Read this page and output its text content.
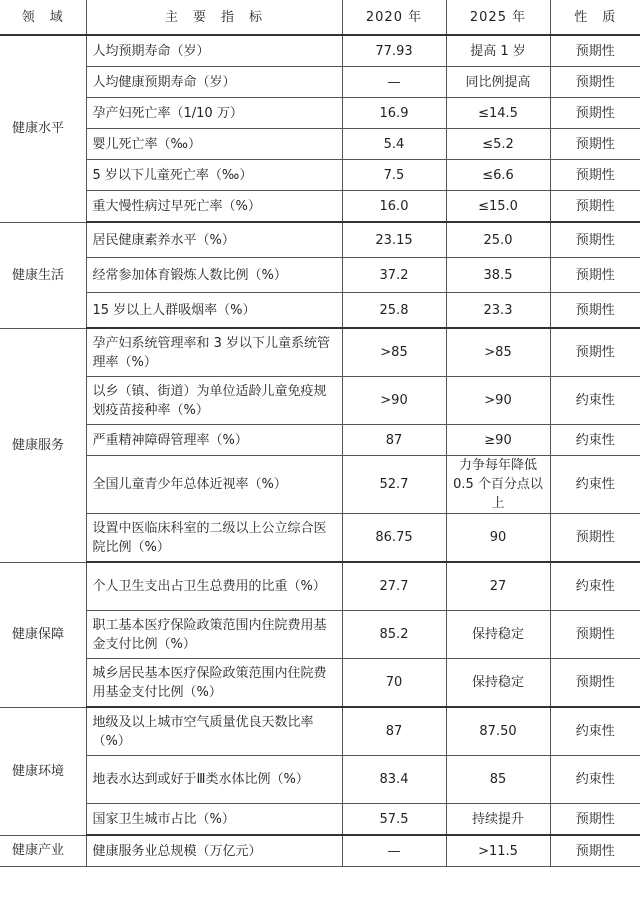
领　域	主　要　指　标	2020 年	2025 年	性　质
健康水平	人均预期寿命（岁）	77.93	提高 1 岁	预期性
	人均健康预期寿命（岁）	—	同比例提高	预期性
	孕产妇死亡率（1/10 万）	16.9	≤14.5	预期性
	婴儿死亡率（‰）	5.4	≤5.2	预期性
	5 岁以下儿童死亡率（‰）	7.5	≤6.6	预期性
	重大慢性病过早死亡率（%）	16.0	≤15.0	预期性
健康生活	居民健康素养水平（%）	23.15	25.0	预期性
	经常参加体育锻炼人数比例（%）	37.2	38.5	预期性
	15 岁以上人群吸烟率（%）	25.8	23.3	预期性
健康服务	孕产妇系统管理率和 3 岁以下儿童系统管理率（%）	>85	>85	预期性
	以乡（镇、街道）为单位适龄儿童免疫规划疫苗接种率（%）	>90	>90	约束性
	严重精神障碍管理率（%）	87	≥90	约束性
	全国儿童青少年总体近视率（%）	52.7	力争每年降低 0.5 个百分点以上	约束性
	设置中医临床科室的二级以上公立综合医院比例（%）	86.75	90	预期性
健康保障	个人卫生支出占卫生总费用的比重（%）	27.7	27	约束性
	职工基本医疗保险政策范围内住院费用基金支付比例（%）	85.2	保持稳定	预期性
	城乡居民基本医疗保险政策范围内住院费用基金支付比例（%）	70	保持稳定	预期性
健康环境	地级及以上城市空气质量优良天数比率（%）	87	87.50	约束性
	地表水达到或好于Ⅲ类水体比例（%）	83.4	85	约束性
	国家卫生城市占比（%）	57.5	持续提升	预期性
健康产业	健康服务业总规模（万亿元）	—	>11.5	预期性
